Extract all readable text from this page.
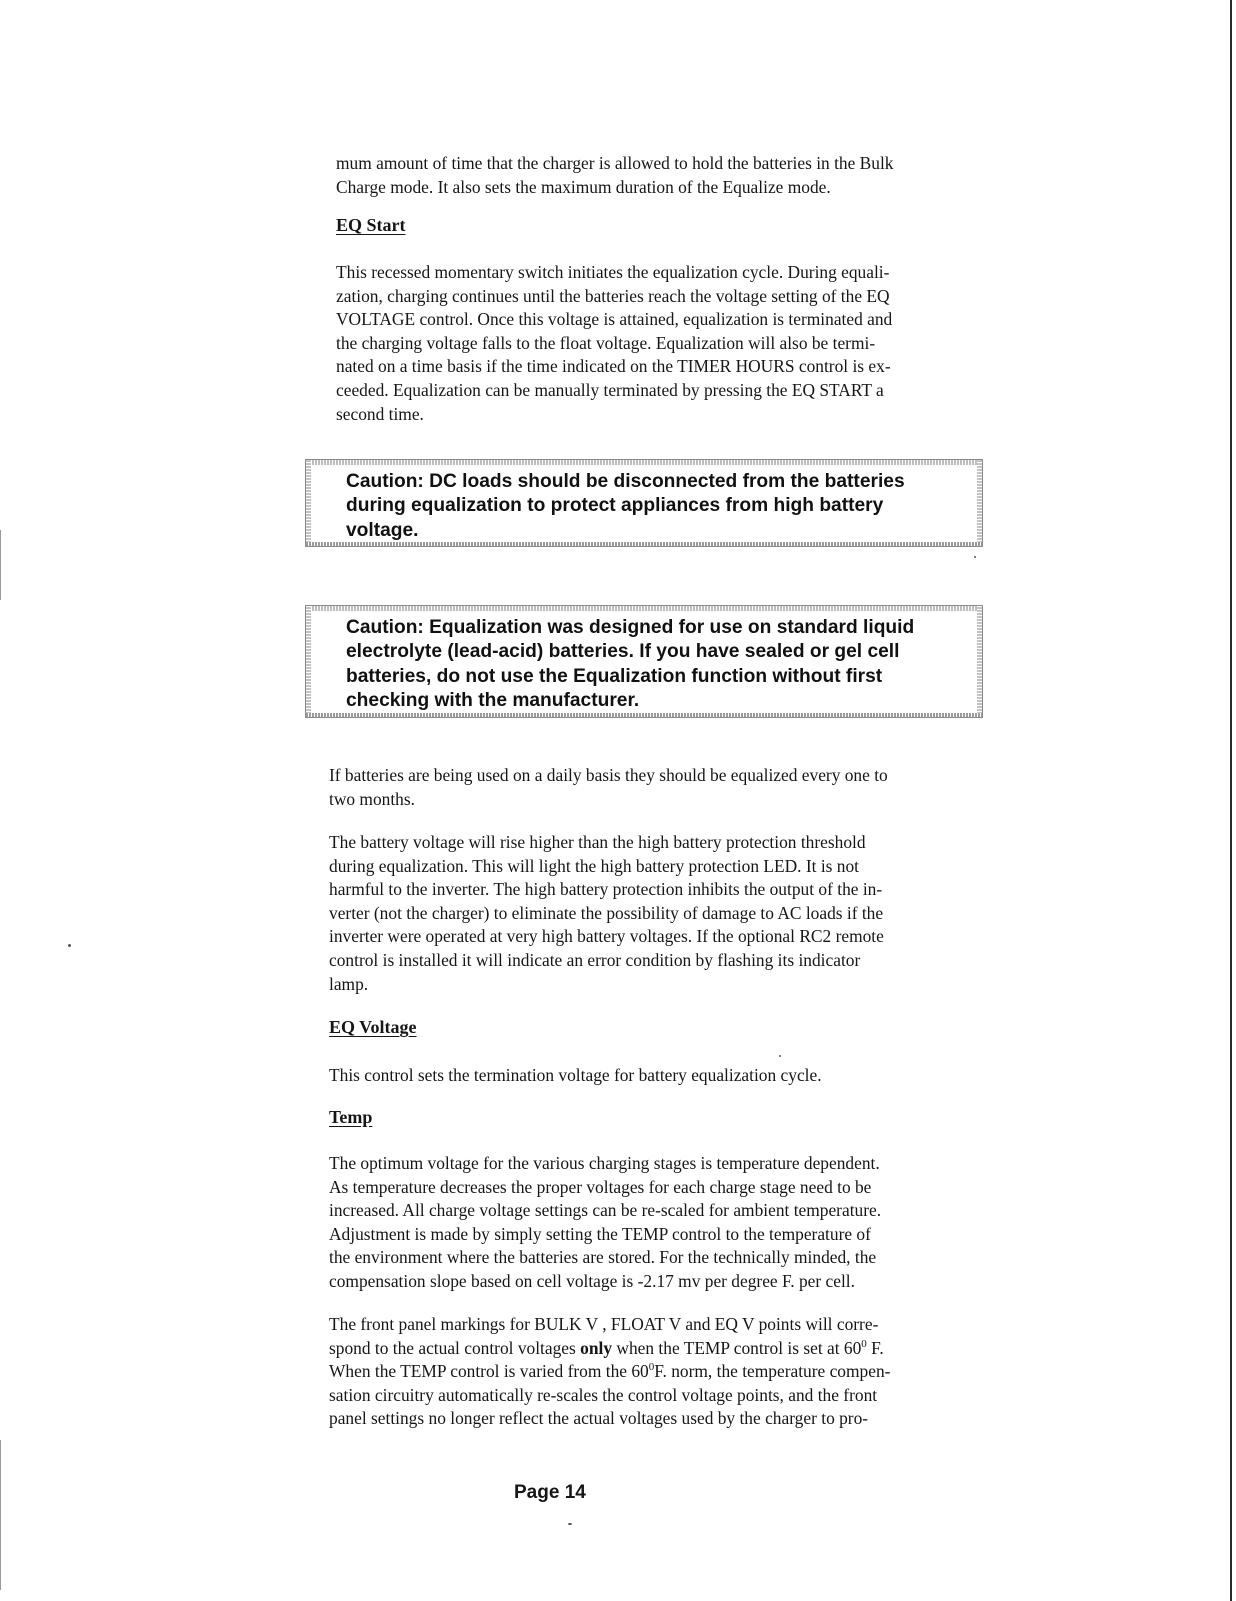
mum amount of time that the charger is allowed to hold the batteries in the Bulk
Charge mode. It also sets the maximum duration of the Equalize mode.

EQ Start

This recessed momentary switch initiates the equalization cycle. During equali-
zation, charging continues until the batteries reach the voltage setting of the EQ
VOLTAGE control. Once this voltage is attained, equalization is terminated and
the charging voltage falls to the float voltage. Equalization will also be termi-
nated on a time basis if the time indicated on the TIMER HOURS control is ex-
ceeded. Equalization can be manually terminated by pressing the EQ START a
second time.

Caution: DC loads should be disconnected from the batteries
during equalization to protect appliances from high battery
voltage.
Caution: Equalization was designed for use on standard liquid
electrolyte (lead-acid) batteries. If you have sealed or gel cell
batteries, do not use the Equalization function without first
checking with the manufacturer.

If batteries are being used on a daily basis they should be equalized every one to
two months.

The battery voltage will rise higher than the high battery protection threshold
during equalization. This will light the high battery protection LED. It is not
harmful to the inverter. The high battery protection inhibits the output of the in-
verter (not the charger) to eliminate the possibility of damage to AC loads if the
inverter were operated at very high battery voltages. If the optional RC2 remote
control is installed it will indicate an error condition by flashing its indicator
lamp.

EQ Voltage

This control sets the termination voltage for battery equalization cycle.

Temp

The optimum voltage for the various charging stages is temperature dependent.
As temperature decreases the proper voltages for each charge stage need to be
increased. All charge voltage settings can be re-scaled for ambient temperature.
Adjustment is made by simply setting the TEMP control to the temperature of
the environment where the batteries are stored. For the technically minded, the
compensation slope based on cell voltage is -2.17 mv per degree F. per cell.

The front panel markings for BULK V , FLOAT V and EQ V points will corre-
spond to the actual control voltages only when the TEMP control is set at $60^0$ F.
When the TEMP control is varied from the $60^0F$. norm, the temperature compen-
sation circuitry automatically re-scales the control voltage points, and the front
panel settings no longer reflect the actual voltages used by the charger to pro-

Page 14
